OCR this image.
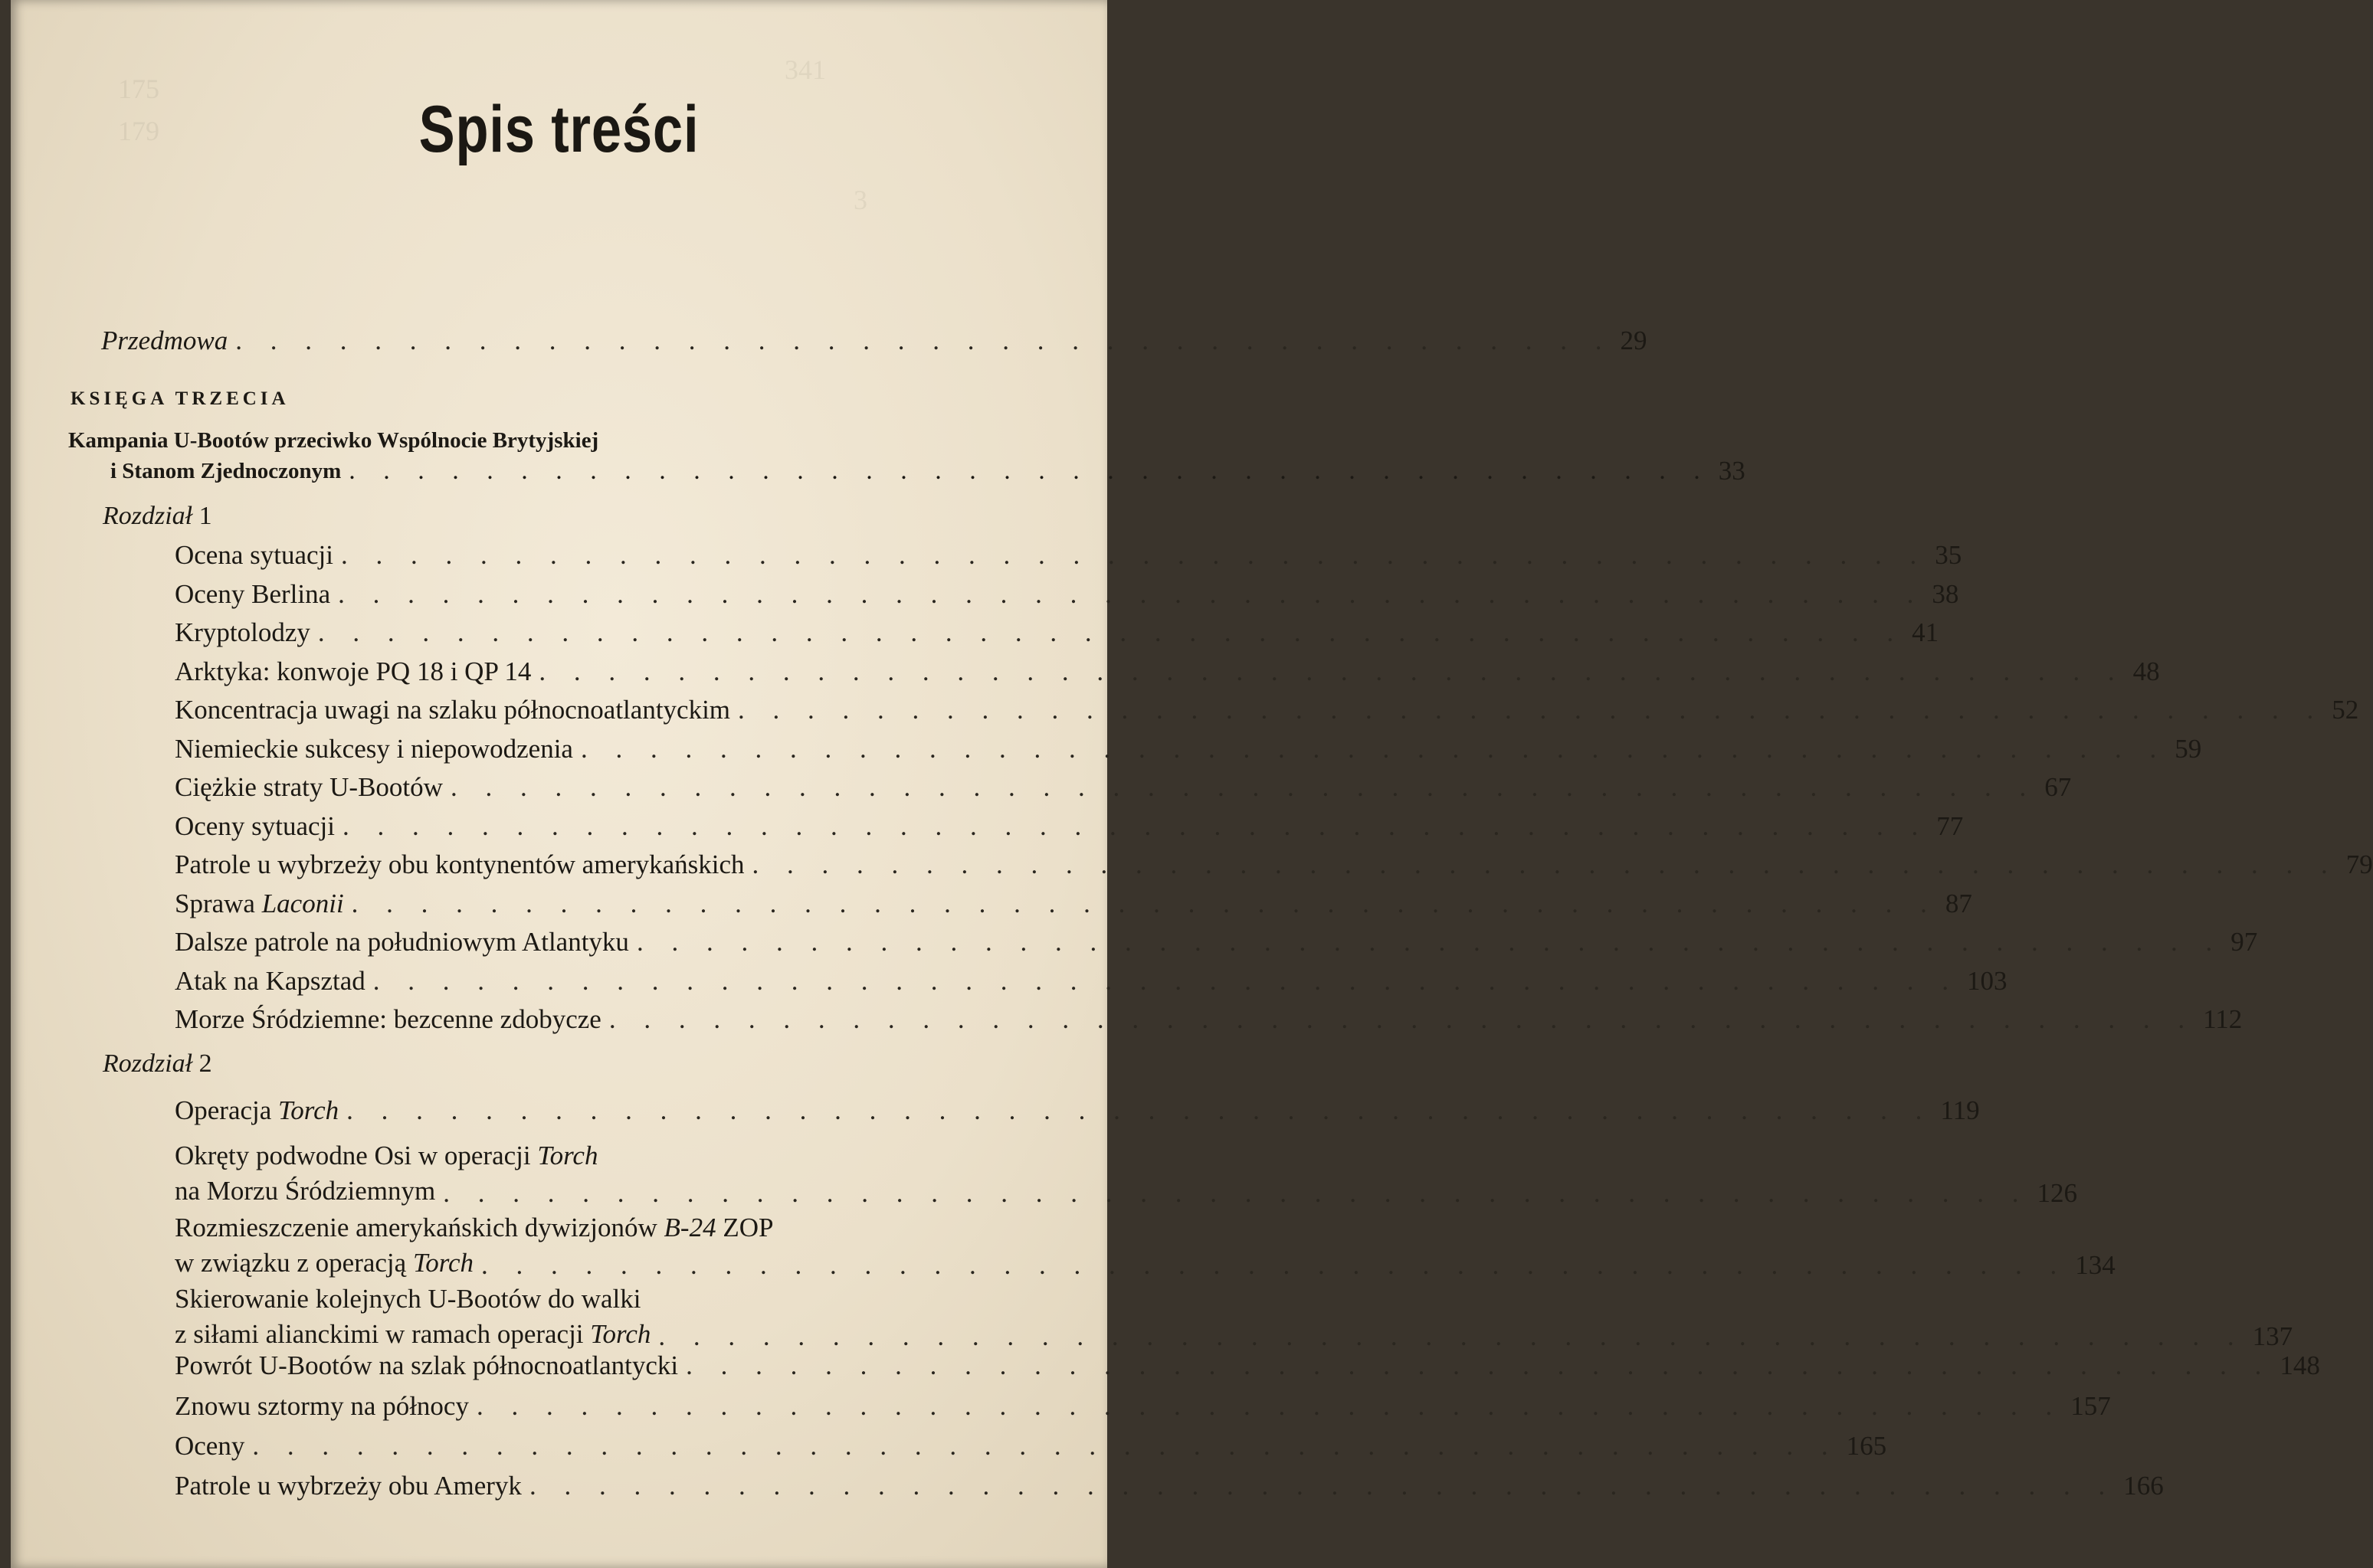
341
175
179
3
Spis treści
Przedmowa . . . . . . . . . . . . . . . . . . . . . . . . . . . . . . . . . . . . . . . . 29
KSIĘGA TRZECIA
Kampania U-Bootów przeciwko Wspólnocie Brytyjskiej
i Stanom Zjednoczonym . . . . . . . . . . . . . . . . . . . . . . . . . . . . . . . . . . . . . . . . 33
Rozdział 1
Rozdział 2
Ocena sytuacji . . . . . . . . . . . . . . . . . . . . . . . . . . . . . . . . . . . . . . . . . . . . . . 35
Oceny Berlina . . . . . . . . . . . . . . . . . . . . . . . . . . . . . . . . . . . . . . . . . . . . . . 38
Kryptolodzy . . . . . . . . . . . . . . . . . . . . . . . . . . . . . . . . . . . . . . . . . . . . . . 41
Arktyka: konwoje PQ 18 i QP 14 . . . . . . . . . . . . . . . . . . . . . . . . . . . . . . . . . . . . . . . . . . . . . . 48
Koncentracja uwagi na szlaku północnoatlantyckim . . . . . . . . . . . . . . . . . . . . . . . . . . . . . . . . . . . . . . . . . . . . . . 52
Niemieckie sukcesy i niepowodzenia . . . . . . . . . . . . . . . . . . . . . . . . . . . . . . . . . . . . . . . . . . . . . . 59
Ciężkie straty U-Bootów . . . . . . . . . . . . . . . . . . . . . . . . . . . . . . . . . . . . . . . . . . . . . . 67
Oceny sytuacji . . . . . . . . . . . . . . . . . . . . . . . . . . . . . . . . . . . . . . . . . . . . . . 77
Patrole u wybrzeży obu kontynentów amerykańskich . . . . . . . . . . . . . . . . . . . . . . . . . . . . . . . . . . . . . . . . . . . . . . 79
Sprawa Laconii . . . . . . . . . . . . . . . . . . . . . . . . . . . . . . . . . . . . . . . . . . . . . . 87
Dalsze patrole na południowym Atlantyku . . . . . . . . . . . . . . . . . . . . . . . . . . . . . . . . . . . . . . . . . . . . . . 97
Atak na Kapsztad . . . . . . . . . . . . . . . . . . . . . . . . . . . . . . . . . . . . . . . . . . . . . . 103
Morze Śródziemne: bezcenne zdobycze . . . . . . . . . . . . . . . . . . . . . . . . . . . . . . . . . . . . . . . . . . . . . . 112
Operacja Torch . . . . . . . . . . . . . . . . . . . . . . . . . . . . . . . . . . . . . . . . . . . . . . 119
Okręty podwodne Osi w operacji Torch
na Morzu Śródziemnym . . . . . . . . . . . . . . . . . . . . . . . . . . . . . . . . . . . . . . . . . . . . . . 126
Rozmieszczenie amerykańskich dywizjonów B-24 ZOP
w związku z operacją Torch . . . . . . . . . . . . . . . . . . . . . . . . . . . . . . . . . . . . . . . . . . . . . . 134
Skierowanie kolejnych U-Bootów do walki
z siłami alianckimi w ramach operacji Torch . . . . . . . . . . . . . . . . . . . . . . . . . . . . . . . . . . . . . . . . . . . . . . 137
Powrót U-Bootów na szlak północnoatlantycki . . . . . . . . . . . . . . . . . . . . . . . . . . . . . . . . . . . . . . . . . . . . . . 148
Znowu sztormy na północy . . . . . . . . . . . . . . . . . . . . . . . . . . . . . . . . . . . . . . . . . . . . . . 157
Oceny . . . . . . . . . . . . . . . . . . . . . . . . . . . . . . . . . . . . . . . . . . . . . . 165
Patrole u wybrzeży obu Ameryk . . . . . . . . . . . . . . . . . . . . . . . . . . . . . . . . . . . . . . . . . . . . . . 166
